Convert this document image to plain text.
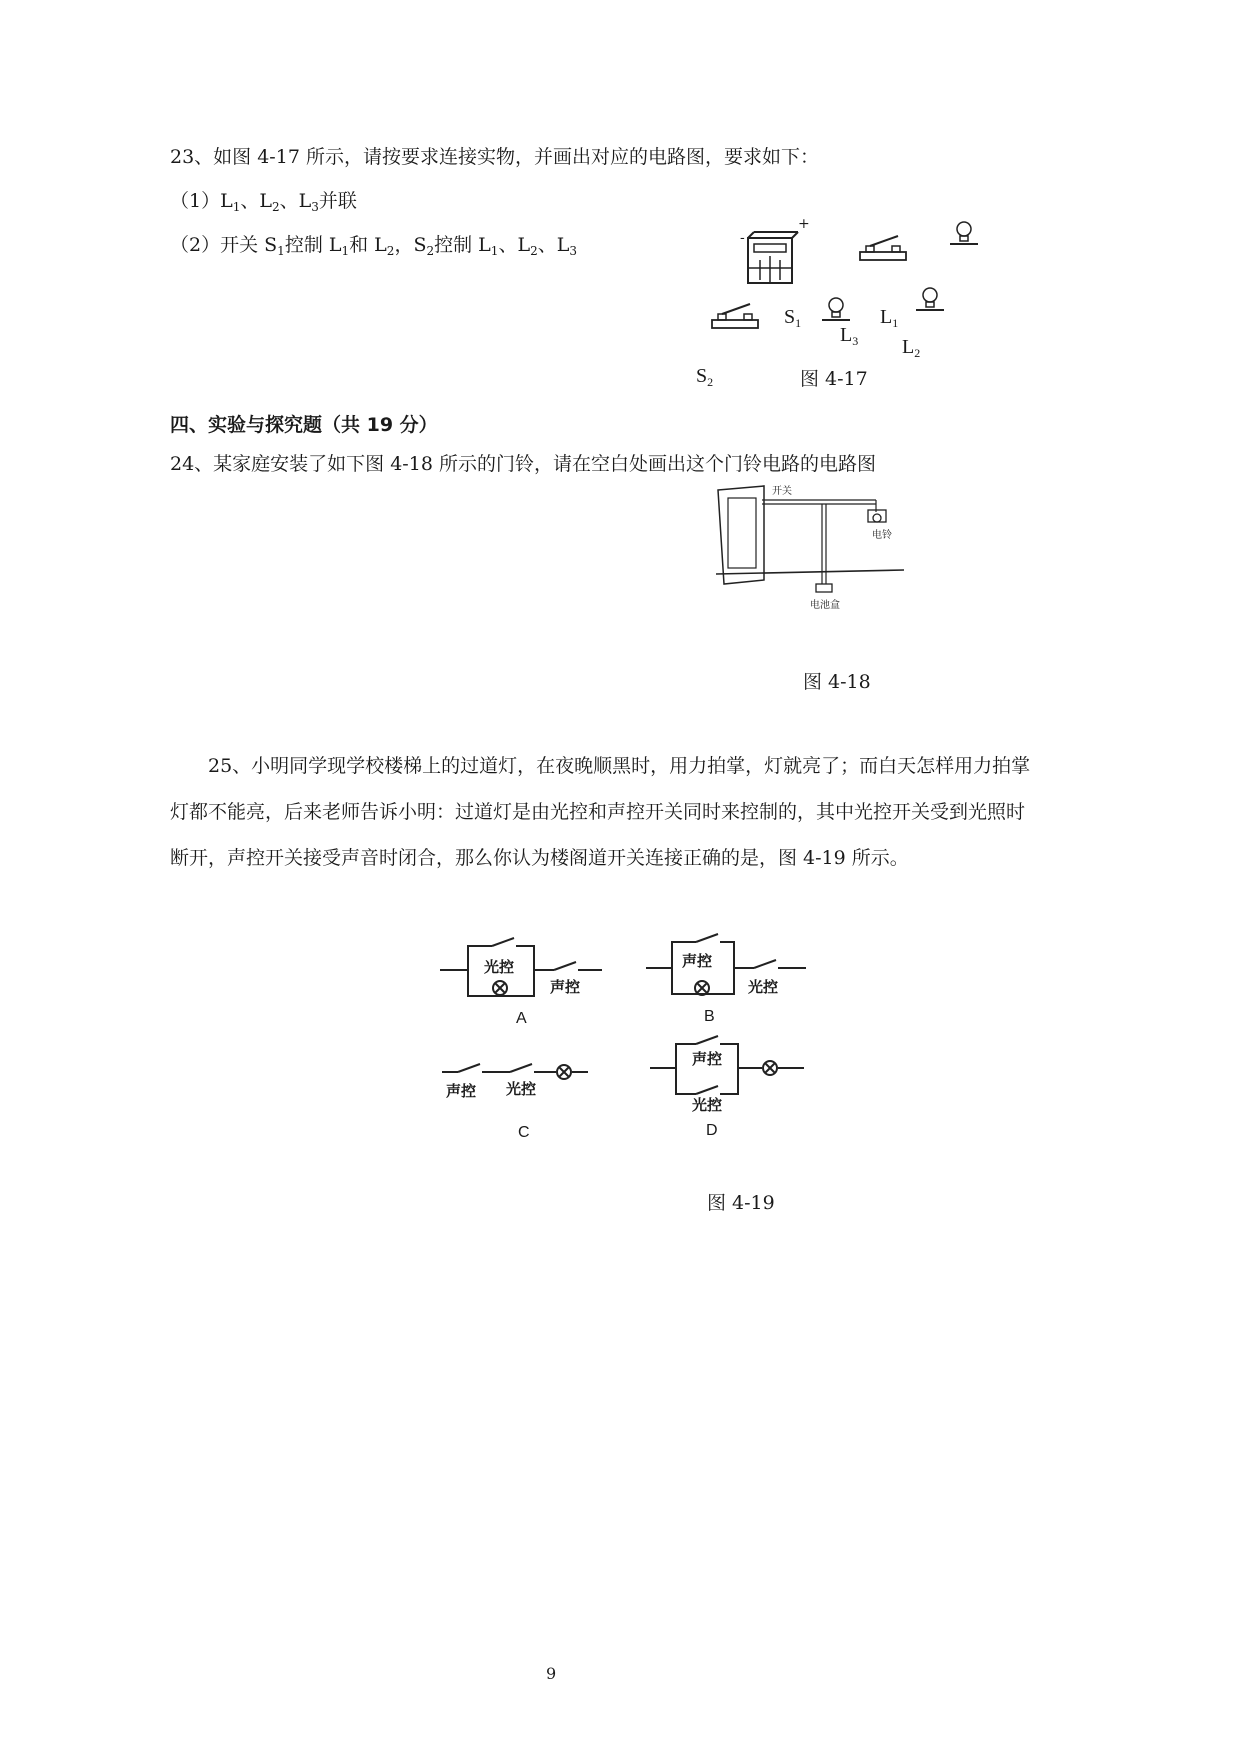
23、如图 4-17 所示，请按要求连接实物，并画出对应的电路图，要求如下：
$(1)L_1$、$L_2$、$L_3$并联
（2）开关 $S_1$控制 $L_1$和 $L_2$，$S_2$控制 $L_1$、$L_2$、$L_3$
-
+
$S_1$
$L_3$
$L_1$
$L_2$
$S_2$	图 4-17
四、实验与探究题（共 19 分）
24、某家庭安装了如下图 4-18 所示的门铃，请在空白处画出这个门铃电路的电路图
开关
电铃
电池盒
图 4-18
25、小明同学现学校楼梯上的过道灯，在夜晚顺黑时，用力拍掌，灯就亮了；而白天怎样用力拍掌灯都不能亮，后来老师告诉小明：过道灯是由光控和声控开关同时来控制的，其中光控开关受到光照时断开，声控开关接受声音时闭合，那么你认为楼阁道开关连接正确的是，图 4-19 所示。
光控
声控
A
声控
光控
B
声控 光控
C
声控
光控
D
图 4-19
9
